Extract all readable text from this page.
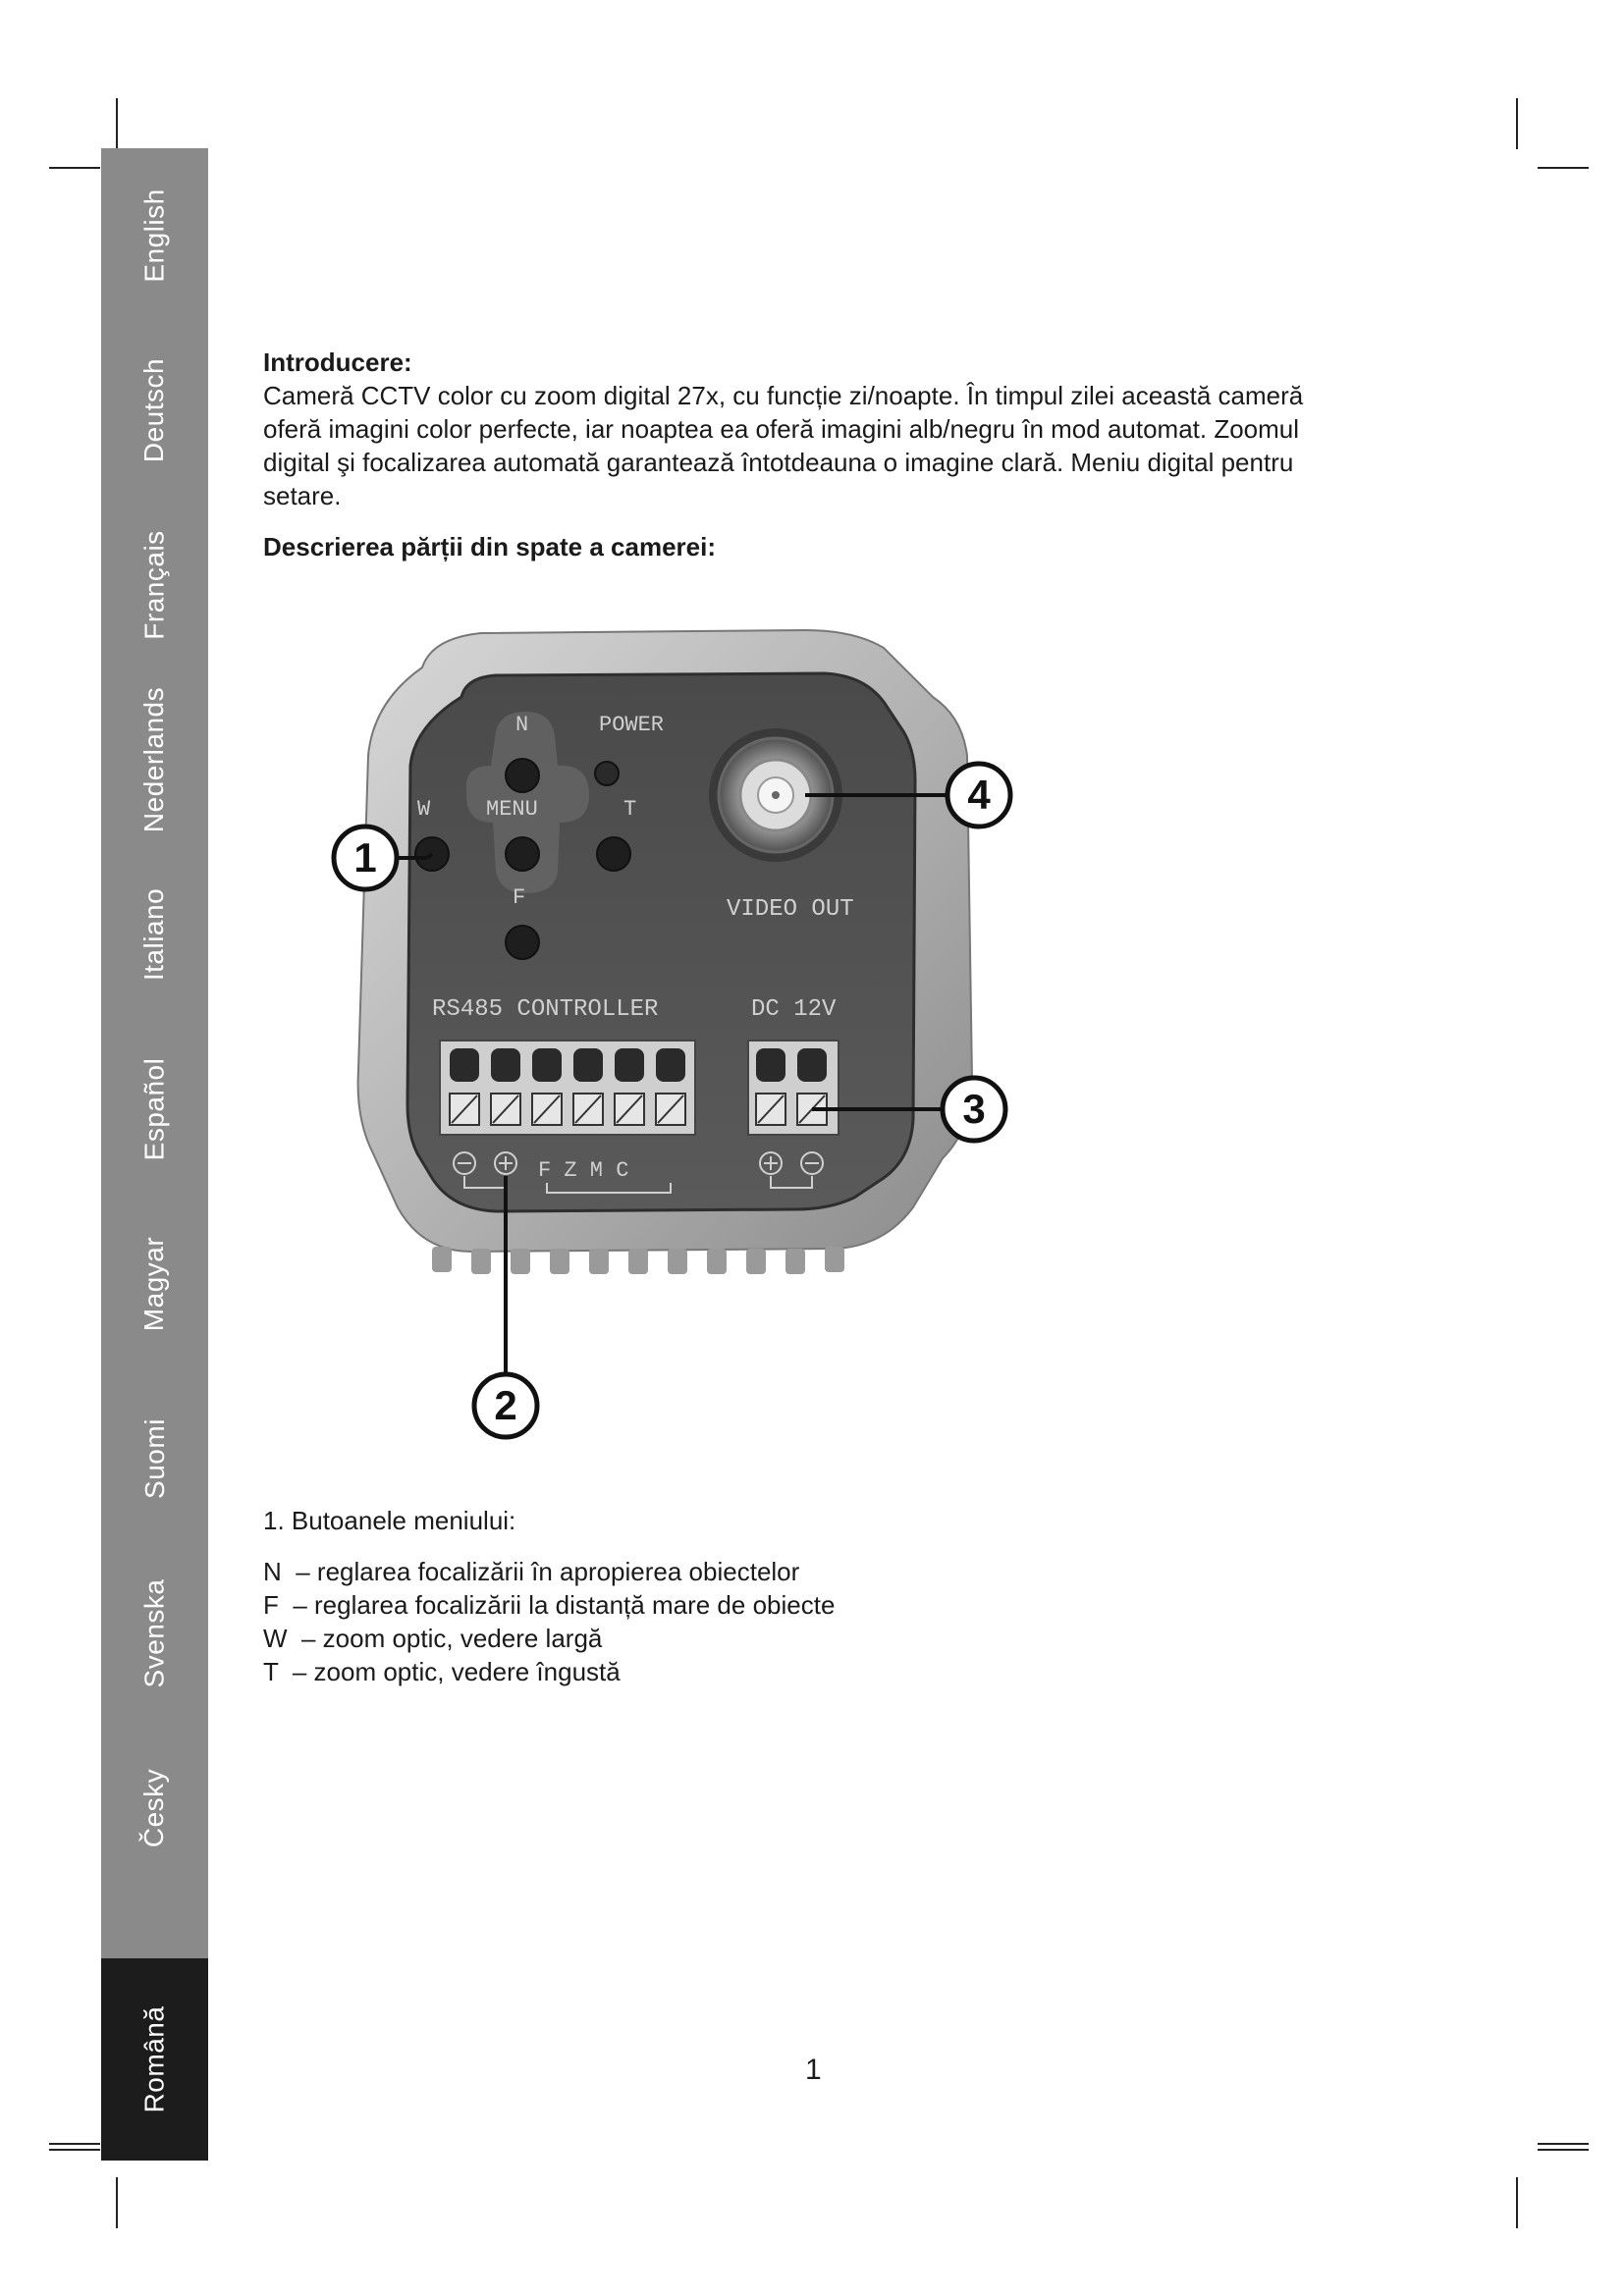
English
Deutsch
Français
Nederlands
Italiano
Español
Magyar
Suomi
Svenska
Česky
Română

Introducere:

Cameră CCTV color cu zoom digital 27x, cu funcție zi/noapte. În timpul zilei această cameră

oferă imagini color perfecte, iar noaptea ea oferă imagini alb/negru în mod automat. Zoomul

digital şi focalizarea automată garantează întotdeauna o imagine clară. Meniu digital pentru

setare.

Descrierea părții din spate a camerei:

N	POWER
W	MENU	T
F	VIDEO OUT
RS485 CONTROLLER
F Z M C
DC 12V
1
2
3
4

1. Butoanele meniului:

N  – reglarea focalizării în apropierea obiectelor

F  – reglarea focalizării la distanță mare de obiecte

W  – zoom optic, vedere largă

T  – zoom optic, vedere îngustă

1
